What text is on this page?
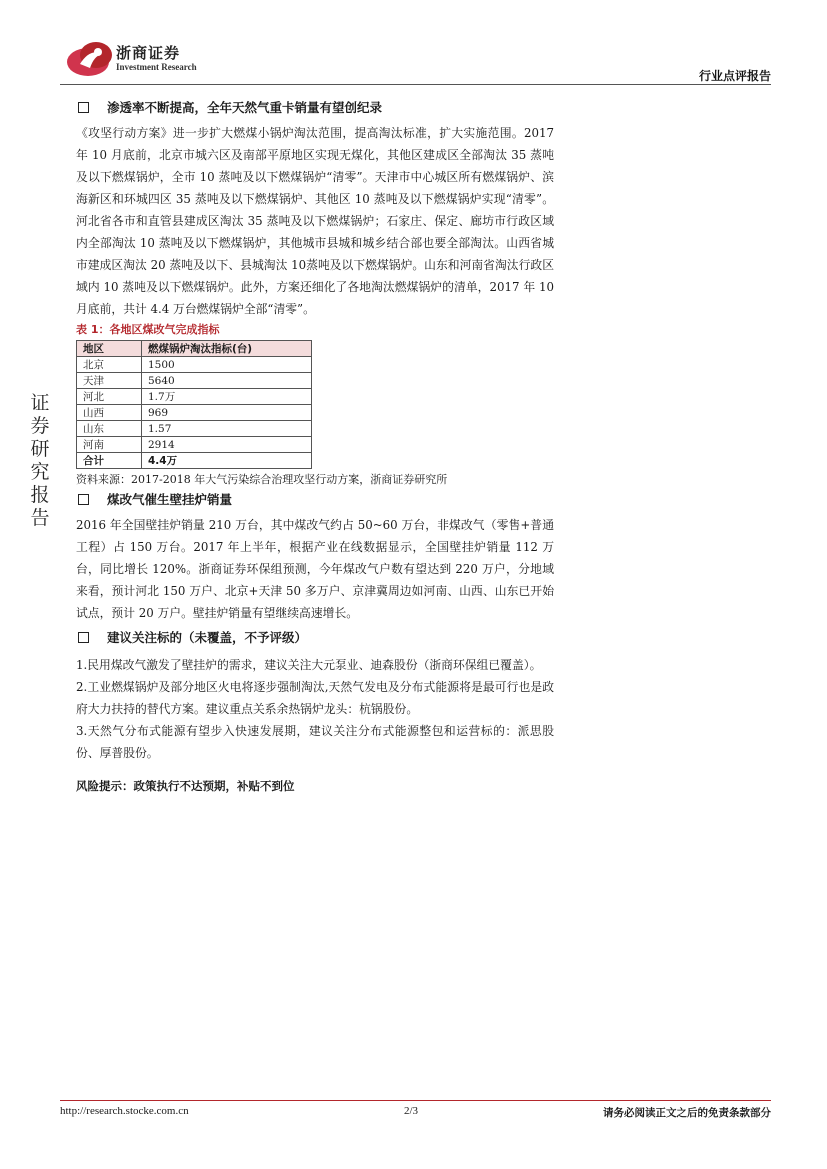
浙商证券
Investment Research
行业点评报告
证券研究报告
渗透率不断提高，全年天然气重卡销量有望创纪录

《攻坚行动方案》进一步扩大燃煤小锅炉淘汰范围，提高淘汰标准，扩大实施范围。2017 年 10 月底前，北京市城六区及南部平原地区实现无煤化，其他区建成区全部淘汰 35 蒸吨及以下燃煤锅炉，全市 10 蒸吨及以下燃煤锅炉“清零”。天津市中心城区所有燃煤锅炉、滨海新区和环城四区 35 蒸吨及以下燃煤锅炉、其他区 10 蒸吨及以下燃煤锅炉实现“清零”。河北省各市和直管县建成区淘汰 35 蒸吨及以下燃煤锅炉；石家庄、保定、廊坊市行政区域内全部淘汰 10 蒸吨及以下燃煤锅炉，其他城市县城和城乡结合部也要全部淘汰。山西省城市建成区淘汰 20 蒸吨及以下、县城淘汰 10蒸吨及以下燃煤锅炉。山东和河南省淘汰行政区域内 10 蒸吨及以下燃煤锅炉。此外，方案还细化了各地淘汰燃煤锅炉的清单，2017 年 10 月底前，共计 4.4 万台燃煤锅炉全部“清零”。

表 1：各地区煤改气完成指标
地区	燃煤锅炉淘汰指标(台)
北京	1500
天津	5640
河北	1.7万
山西	969
山东	1.57
河南	2914
合计	4.4万
资料来源：2017-2018 年大气污染综合治理攻坚行动方案，浙商证券研究所
煤改气催生壁挂炉销量

2016 年全国壁挂炉销量 210 万台，其中煤改气约占 50~60 万台，非煤改气（零售+普通工程）占 150 万台。2017 年上半年，根据产业在线数据显示，全国壁挂炉销量 112 万台，同比增长 120%。浙商证券环保组预测，今年煤改气户数有望达到 220 万户，分地域来看，预计河北 150 万户、北京+天津 50 多万户、京津冀周边如河南、山西、山东已开始试点，预计 20 万户。壁挂炉销量有望继续高速增长。

建议关注标的（未覆盖，不予评级）

1.民用煤改气激发了壁挂炉的需求，建议关注大元泵业、迪森股份（浙商环保组已覆盖）。

2.工业燃煤锅炉及部分地区火电将逐步强制淘汰,天然气发电及分布式能源将是最可行也是政府大力扶持的替代方案。建议重点关系余热锅炉龙头：杭锅股份。

3.天然气分布式能源有望步入快速发展期，建议关注分布式能源整包和运营标的：派思股份、厚普股份。

风险提示：政策执行不达预期，补贴不到位
http://research.stocke.com.cn	2/3	请务必阅读正文之后的免责条款部分
